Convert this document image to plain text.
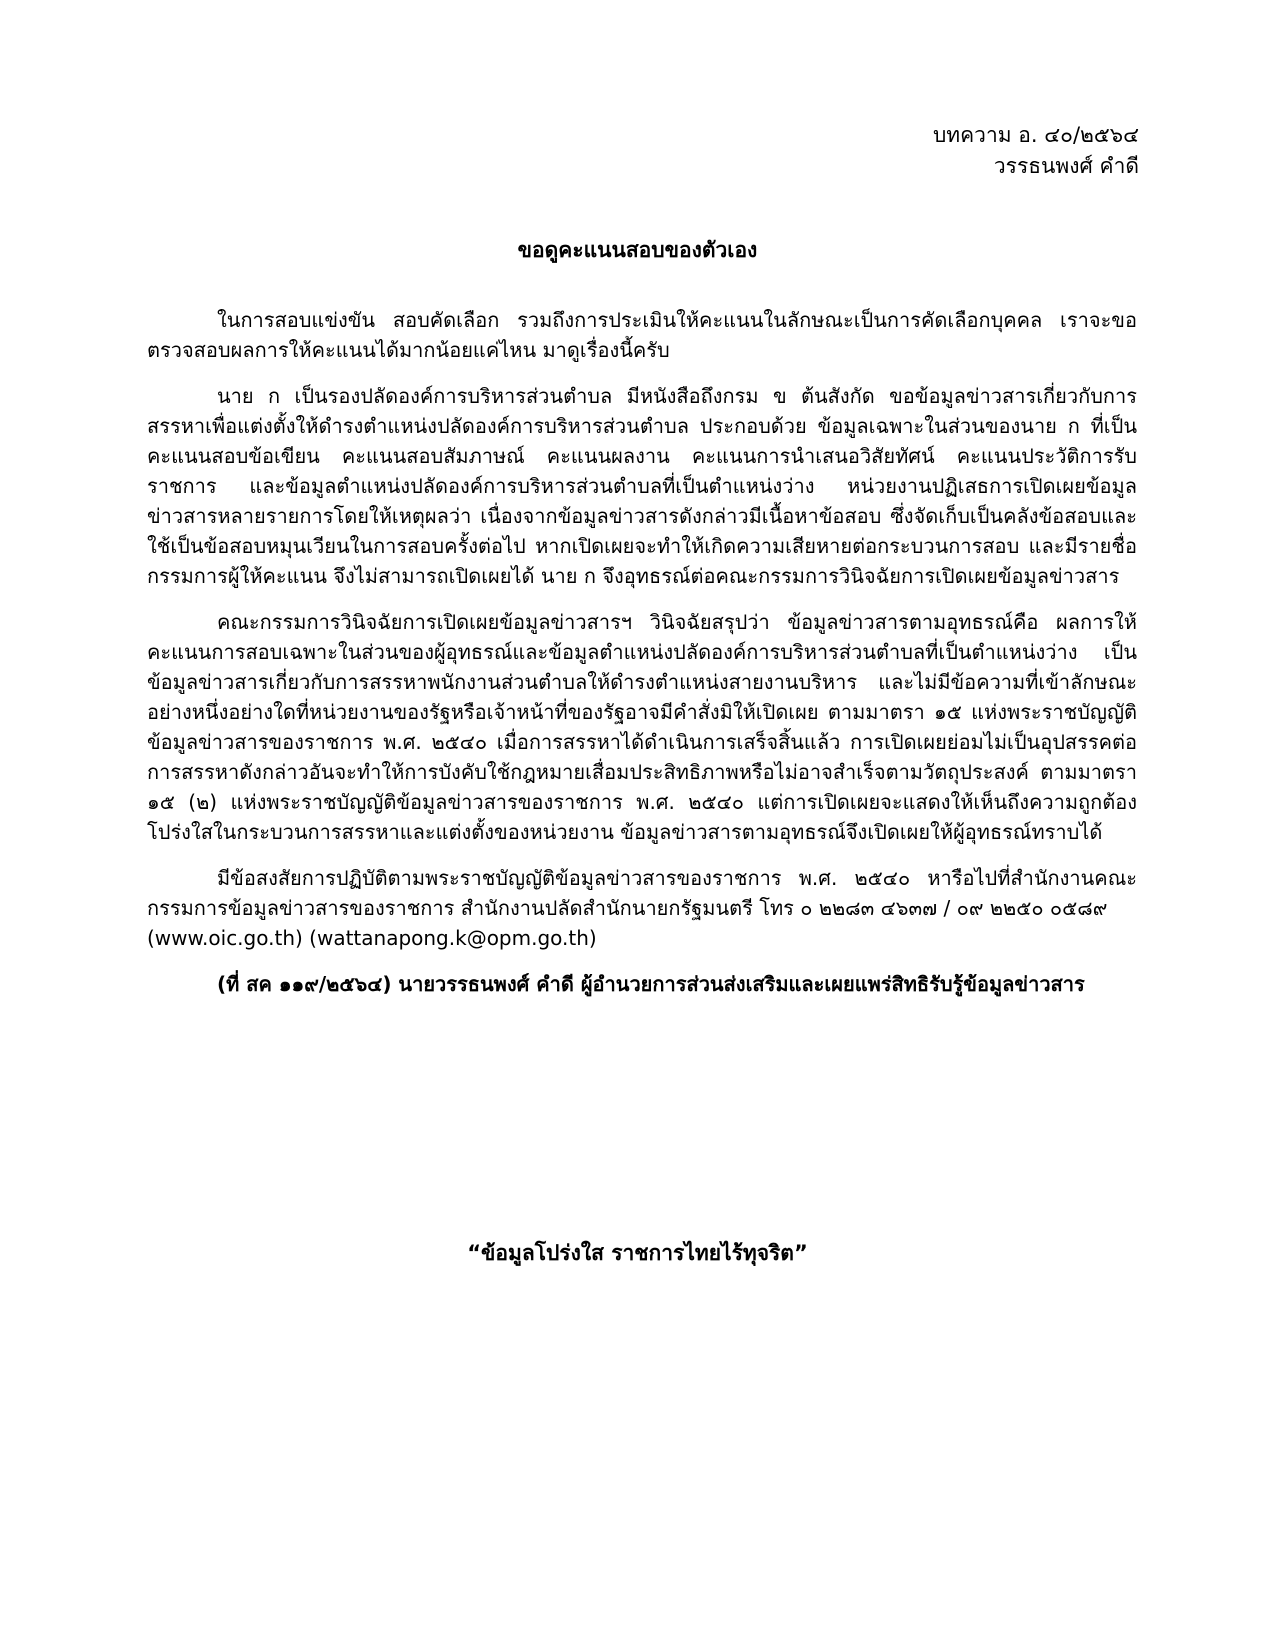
บทความ อ. ๔๐/๒๕๖๔
วรรธนพงศ์ คำดี
ขอดูคะแนนสอบของตัวเอง

ในการสอบแข่งขัน สอบคัดเลือก รวมถึงการประเมินให้คะแนนในลักษณะเป็นการคัดเลือกบุคคล เราจะขอตรวจสอบผลการให้คะแนนได้มากน้อยแค่ไหน มาดูเรื่องนี้ครับ

นาย ก เป็นรองปลัดองค์การบริหารส่วนตำบล มีหนังสือถึงกรม ข ต้นสังกัด ขอข้อมูลข่าวสารเกี่ยวกับการสรรหาเพื่อแต่งตั้งให้ดำรงตำแหน่งปลัดองค์การบริหารส่วนตำบล ประกอบด้วย ข้อมูลเฉพาะในส่วนของนาย ก ที่เป็นคะแนนสอบข้อเขียน คะแนนสอบสัมภาษณ์ คะแนนผลงาน คะแนนการนำเสนอวิสัยทัศน์ คะแนนประวัติการรับราชการ และข้อมูลตำแหน่งปลัดองค์การบริหารส่วนตำบลที่เป็นตำแหน่งว่าง หน่วยงานปฏิเสธการเปิดเผยข้อมูลข่าวสารหลายรายการโดยให้เหตุผลว่า เนื่องจากข้อมูลข่าวสารดังกล่าวมีเนื้อหาข้อสอบ ซึ่งจัดเก็บเป็นคลังข้อสอบและใช้เป็นข้อสอบหมุนเวียนในการสอบครั้งต่อไป หากเปิดเผยจะทำให้เกิดความเสียหายต่อกระบวนการสอบ และมีรายชื่อกรรมการผู้ให้คะแนน จึงไม่สามารถเปิดเผยได้ นาย ก จึงอุทธรณ์ต่อคณะกรรมการวินิจฉัยการเปิดเผยข้อมูลข่าวสาร

คณะกรรมการวินิจฉัยการเปิดเผยข้อมูลข่าวสารฯ วินิจฉัยสรุปว่า ข้อมูลข่าวสารตามอุทธรณ์คือ ผลการให้คะแนนการสอบเฉพาะในส่วนของผู้อุทธรณ์และข้อมูลตำแหน่งปลัดองค์การบริหารส่วนตำบลที่เป็นตำแหน่งว่าง เป็นข้อมูลข่าวสารเกี่ยวกับการสรรหาพนักงานส่วนตำบลให้ดำรงตำแหน่งสายงานบริหาร และไม่มีข้อความที่เข้าลักษณะอย่างหนึ่งอย่างใดที่หน่วยงานของรัฐหรือเจ้าหน้าที่ของรัฐอาจมีคำสั่งมิให้เปิดเผย ตามมาตรา ๑๕ แห่งพระราชบัญญัติข้อมูลข่าวสารของราชการ พ.ศ. ๒๕๔๐ เมื่อการสรรหาได้ดำเนินการเสร็จสิ้นแล้ว การเปิดเผยย่อมไม่เป็นอุปสรรคต่อการสรรหาดังกล่าวอันจะทำให้การบังคับใช้กฎหมายเสื่อมประสิทธิภาพหรือไม่อาจสำเร็จตามวัตถุประสงค์ ตามมาตรา ๑๕ (๒) แห่งพระราชบัญญัติข้อมูลข่าวสารของราชการ พ.ศ. ๒๕๔๐ แต่การเปิดเผยจะแสดงให้เห็นถึงความถูกต้องโปร่งใสในกระบวนการสรรหาและแต่งตั้งของหน่วยงาน ข้อมูลข่าวสารตามอุทธรณ์จึงเปิดเผยให้ผู้อุทธรณ์ทราบได้

มีข้อสงสัยการปฏิบัติตามพระราชบัญญัติข้อมูลข่าวสารของราชการ พ.ศ. ๒๕๔๐ หารือไปที่สำนักงานคณะกรรมการข้อมูลข่าวสารของราชการ สำนักงานปลัดสำนักนายกรัฐมนตรี โทร ๐ ๒๒๘๓ ๔๖๓๗ / ๐๙ ๒๒๕๐ ๐๕๘๙
(www.oic.go.th) (wattanapong.k@opm.go.th)

(ที่ สค ๑๑๙/๒๕๖๔) นายวรรธนพงศ์ คำดี ผู้อำนวยการส่วนส่งเสริมและเผยแพร่สิทธิรับรู้ข้อมูลข่าวสาร

“ข้อมูลโปร่งใส ราชการไทยไร้ทุจริต”
